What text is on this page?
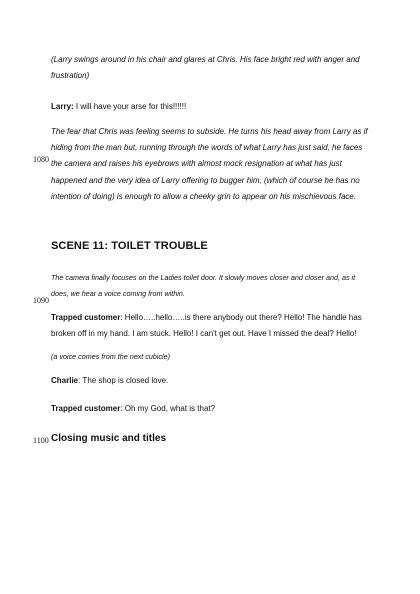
(Larry swings around in his chair and glares at Chris. His face bright red with anger and frustration)
Larry: I will have your arse for this!!!!!!
1080
The fear that Chris was feeling seems to subside. He turns his head away from Larry as if hiding from the man but, running through the words of what Larry has just said, he faces the camera and raises his eyebrows with almost mock resignation at what has just happened and the very idea of Larry offering to bugger him, (which of course he has no intention of doing) is enough to allow a cheeky grin to appear on his mischievous face.
SCENE 11: TOILET TROUBLE
The camera finally focuses on the Ladies toilet door. It slowly moves closer and closer and, as it does, we hear a voice coming from within.
1090
Trapped customer: Hello…..hello…..is there anybody out there? Hello! The handle has broken off in my hand. I am stuck. Hello! I can't get out. Have I missed the deal? Hello!
(a voice comes from the next cubicle)
Charlie: The shop is closed love.
Trapped customer: Oh my God, what is that?
1100 Closing music and titles
